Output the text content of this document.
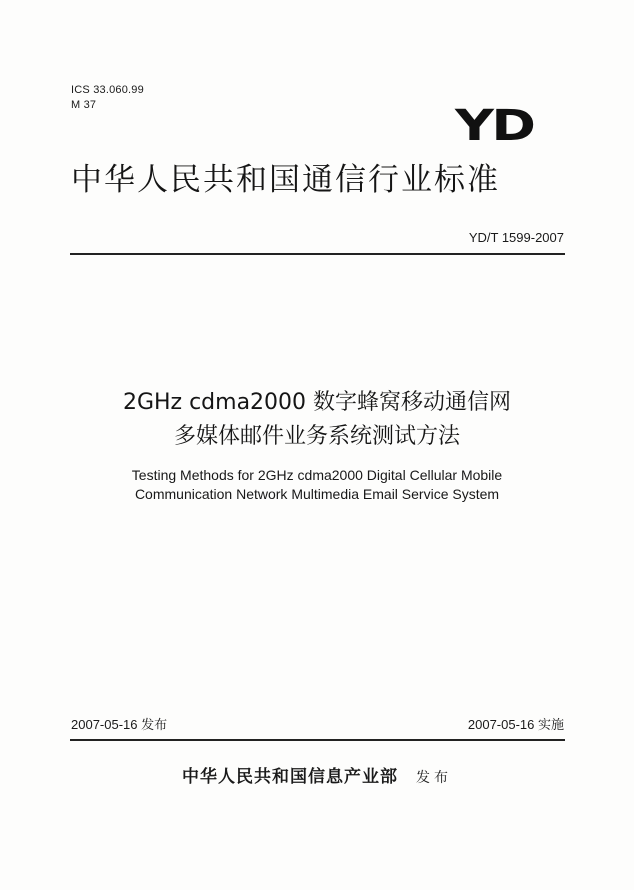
ICS 33.060.99
M 37	YD
中华人民共和国通信行业标准
YD/T 1599-2007
2GHz cdma2000 数字蜂窝移动通信网
多媒体邮件业务系统测试方法
Testing Methods for 2GHz cdma2000 Digital Cellular Mobile
Communication Network Multimedia Email Service System
2007-05-16 发布	2007-05-16 实施
中华人民共和国信息产业部 发布
